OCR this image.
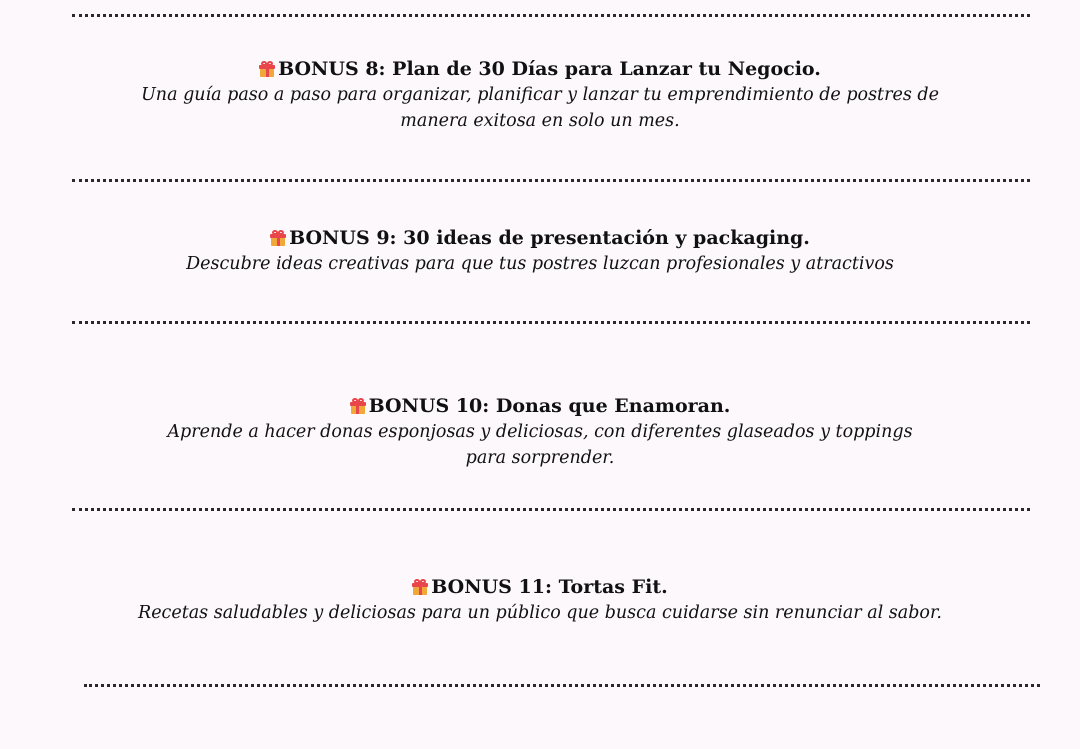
BONUS 8: Plan de 30 Días para Lanzar tu Negocio.
Una guía paso a paso para organizar, planificar y lanzar tu emprendimiento de postres de manera exitosa en solo un mes.
BONUS 9: 30 ideas de presentación y packaging.
Descubre ideas creativas para que tus postres luzcan profesionales y atractivos
BONUS 10: Donas que Enamoran.
Aprende a hacer donas esponjosas y deliciosas, con diferentes glaseados y toppings para sorprender.
BONUS 11: Tortas Fit.
Recetas saludables y deliciosas para un público que busca cuidarse sin renunciar al sabor.
